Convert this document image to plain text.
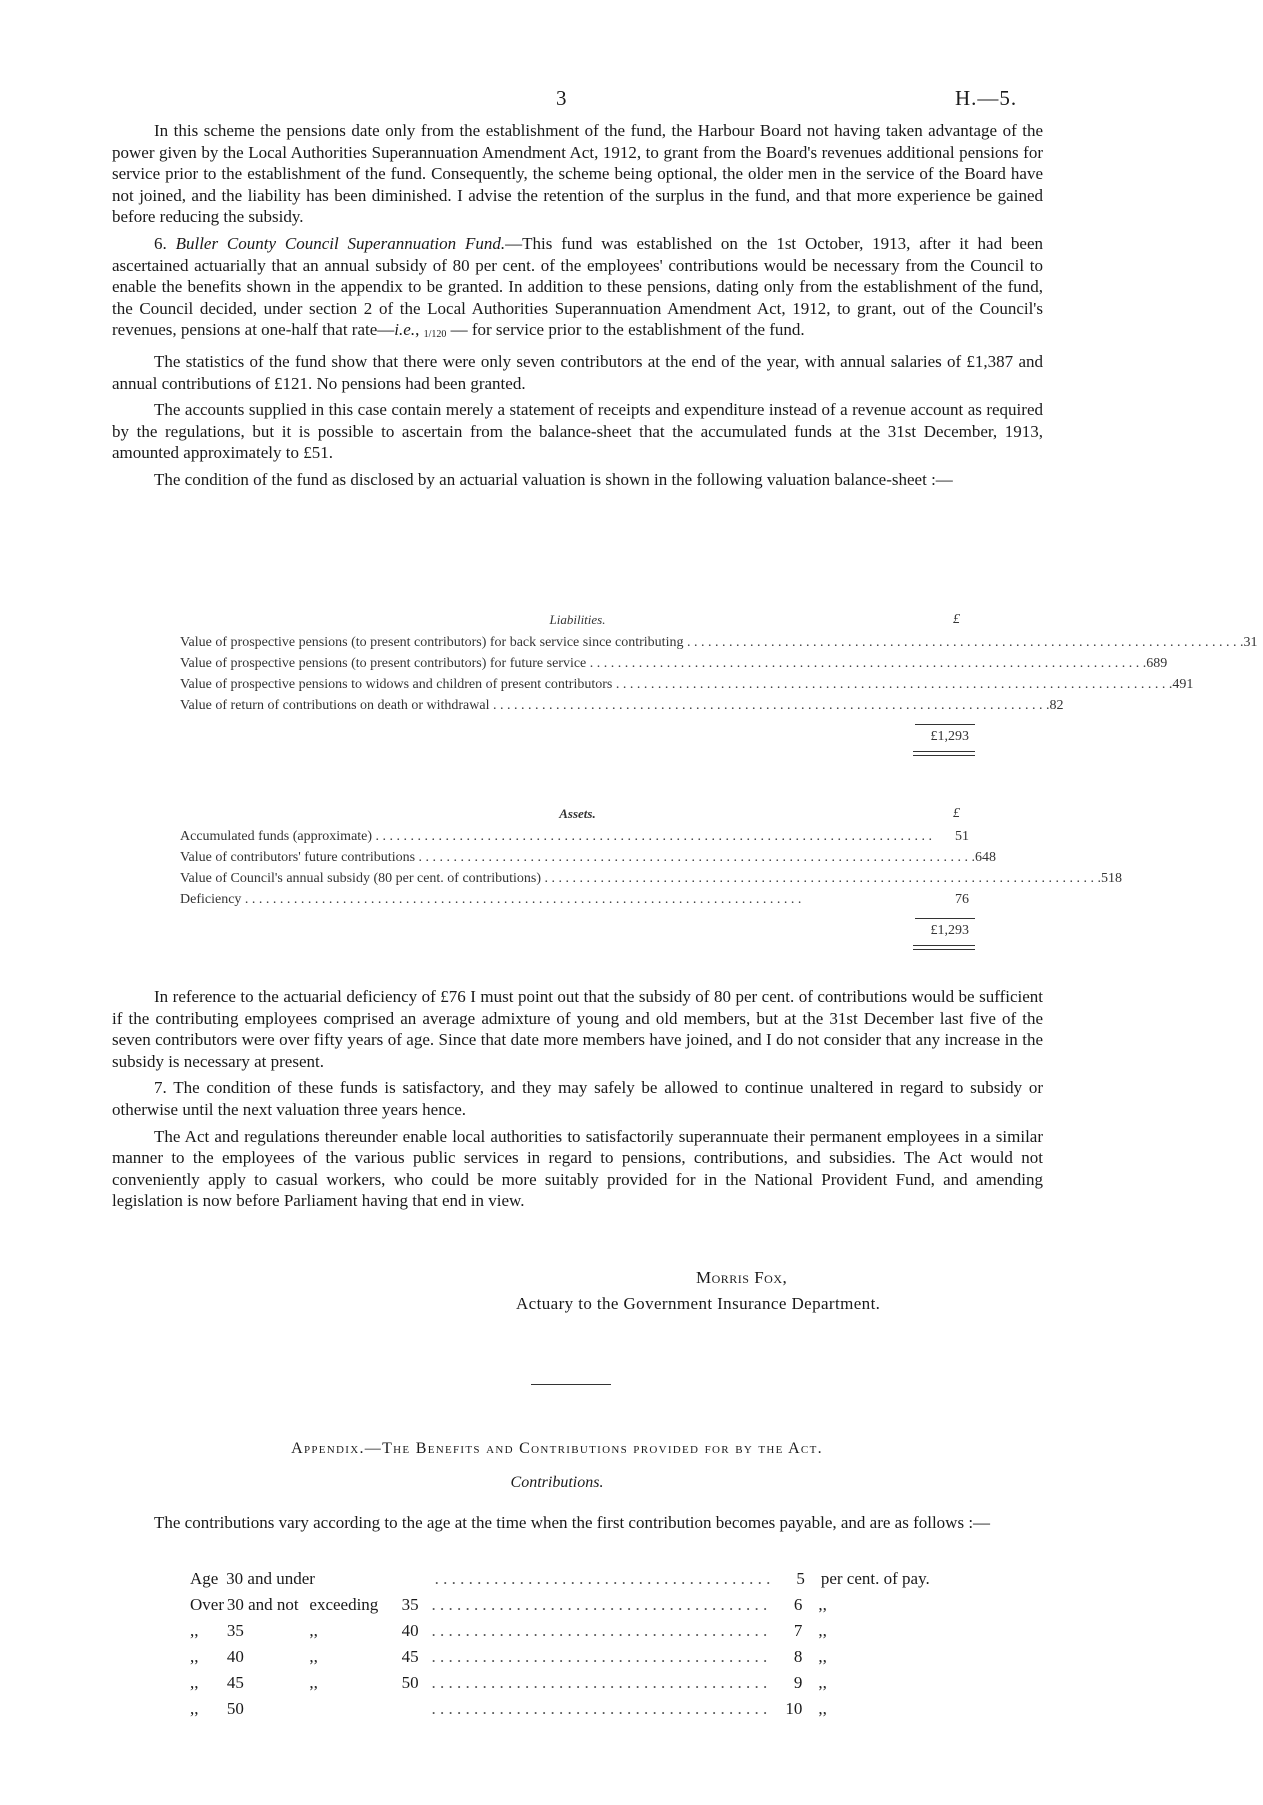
3	H.—5.

In this scheme the pensions date only from the establishment of the fund, the Harbour Board not having taken advantage of the power given by the Local Authorities Superannuation Amendment Act, 1912, to grant from the Board's revenues additional pensions for service prior to the establishment of the fund. Consequently, the scheme being optional, the older men in the service of the Board have not joined, and the liability has been diminished. I advise the retention of the surplus in the fund, and that more experience be gained before reducing the subsidy.

6. Buller County Council Superannuation Fund.—This fund was established on the 1st October, 1913, after it had been ascertained actuarially that an annual subsidy of 80 per cent. of the employees' contributions would be necessary from the Council to enable the benefits shown in the appendix to be granted. In addition to these pensions, dating only from the establishment of the fund, the Council decided, under section 2 of the Local Authorities Superannuation Amendment Act, 1912, to grant, out of the Council's revenues, pensions at one-half that rate—i.e., 1/120 — for service prior to the establishment of the fund.

The statistics of the fund show that there were only seven contributors at the end of the year, with annual salaries of £1,387 and annual contributions of £121. No pensions had been granted.

The accounts supplied in this case contain merely a statement of receipts and expenditure instead of a revenue account as required by the regulations, but it is possible to ascertain from the balance-sheet that the accumulated funds at the 31st December, 1913, amounted approximately to £51.

The condition of the fund as disclosed by an actuarial valuation is shown in the following valuation balance-sheet :—

Liabilities.	£
Value of prospective pensions (to present contributors) for back service since contributing . . . . . . . . . . . . . . . . . . . . . . . . . . . . . . . . . . . . . . . . . . . . . . . . . . . . . . . . . . . . . . . . . . . . . . . . . . . . . . . . 31
Value of prospective pensions (to present contributors) for future service . . . . . . . . . . . . . . . . . . . . . . . . . . . . . . . . . . . . . . . . . . . . . . . . . . . . . . . . . . . . . . . . . . . . . . . . . . . . . . . . 689
Value of prospective pensions to widows and children of present contributors . . . . . . . . . . . . . . . . . . . . . . . . . . . . . . . . . . . . . . . . . . . . . . . . . . . . . . . . . . . . . . . . . . . . . . . . . . . . . . . . 491
Value of return of contributions on death or withdrawal . . . . . . . . . . . . . . . . . . . . . . . . . . . . . . . . . . . . . . . . . . . . . . . . . . . . . . . . . . . . . . . . . . . . . . . . . . . . . . . . 82
£1,293
Assets.	£
Accumulated funds (approximate) . . . . . . . . . . . . . . . . . . . . . . . . . . . . . . . . . . . . . . . . . . . . . . . . . . . . . . . . . . . . . . . . . . . . . . . . . . . . . . . .	51
Value of contributors' future contributions . . . . . . . . . . . . . . . . . . . . . . . . . . . . . . . . . . . . . . . . . . . . . . . . . . . . . . . . . . . . . . . . . . . . . . . . . . . . . . . . 648
Value of Council's annual subsidy (80 per cent. of contributions) . . . . . . . . . . . . . . . . . . . . . . . . . . . . . . . . . . . . . . . . . . . . . . . . . . . . . . . . . . . . . . . . . . . . . . . . . . . . . . . . 518
Deficiency . . . . . . . . . . . . . . . . . . . . . . . . . . . . . . . . . . . . . . . . . . . . . . . . . . . . . . . . . . . . . . . . . . . . . . . . . . . . . . . .	76
£1,293

In reference to the actuarial deficiency of £76 I must point out that the subsidy of 80 per cent. of contributions would be sufficient if the contributing employees comprised an average admixture of young and old members, but at the 31st December last five of the seven contributors were over fifty years of age. Since that date more members have joined, and I do not consider that any increase in the subsidy is necessary at present.

7. The condition of these funds is satisfactory, and they may safely be allowed to continue unaltered in regard to subsidy or otherwise until the next valuation three years hence.

The Act and regulations thereunder enable local authorities to satisfactorily superannuate their permanent employees in a similar manner to the employees of the various public services in regard to pensions, contributions, and subsidies. The Act would not conveniently apply to casual workers, who could be more suitably provided for in the National Provident Fund, and amending legislation is now before Parliament having that end in view.

Morris Fox,
Actuary to the Government Insurance Department.
Appendix.—The Benefits and Contributions provided for by the Act.
Contributions.

The contributions vary according to the age at the time when the first contribution becomes payable, and are as follows :—

Age 30 and under	. . . . . . . . . . . . . . . . . . . . . . . . . . . . . . . . . . . . . . . .	5 per cent. of pay.
Over 30 and not exceeding	35 . . . . . . . . . . . . . . . . . . . . . . . . . . . . . . . . . . . . . . . .	6 ,,
,,	35	,,	40 . . . . . . . . . . . . . . . . . . . . . . . . . . . . . . . . . . . . . . . .	7 ,,
,,	40	,,	45 . . . . . . . . . . . . . . . . . . . . . . . . . . . . . . . . . . . . . . . .	8 ,,
,,	45	,,	50 . . . . . . . . . . . . . . . . . . . . . . . . . . . . . . . . . . . . . . . .	9 ,,
,,	50	. . . . . . . . . . . . . . . . . . . . . . . . . . . . . . . . . . . . . . . .	10 ,,
